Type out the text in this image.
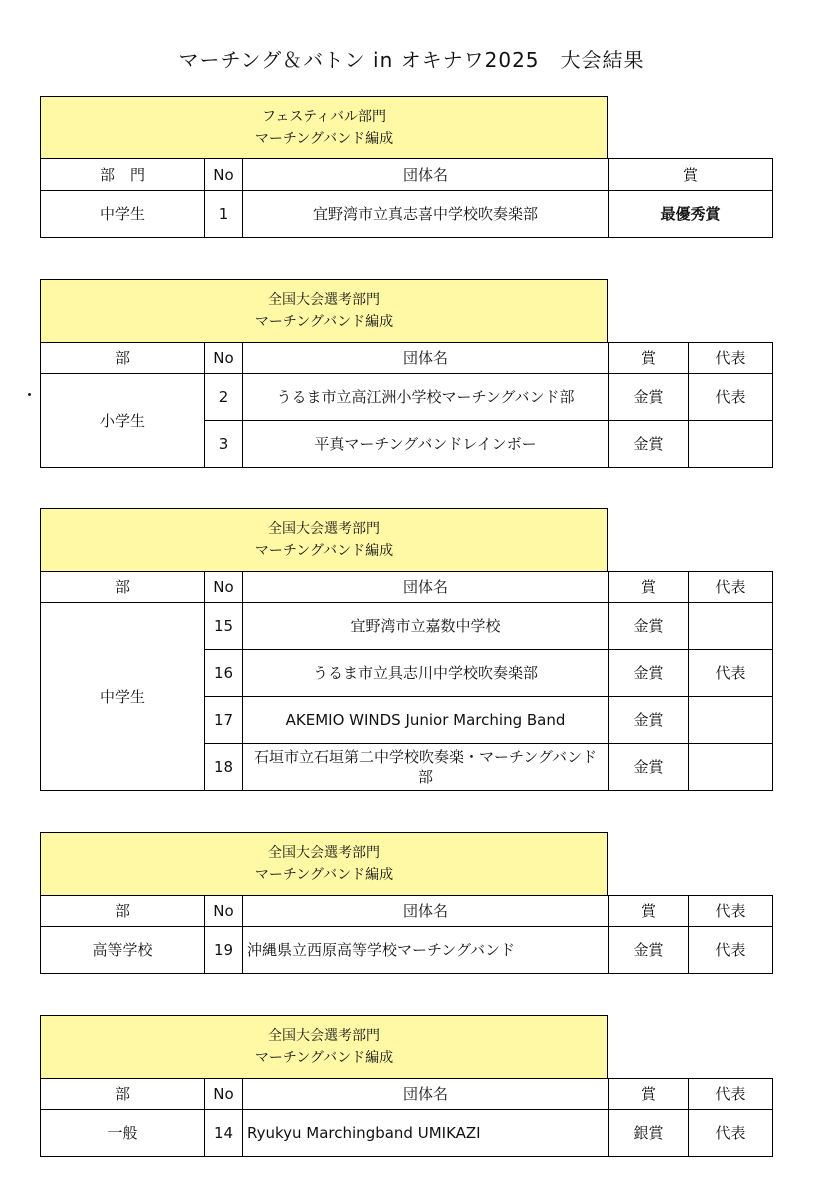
マーチング＆バトン in オキナワ2025　大会結果
フェスティバル部門
マーチングバンド編成
部　門	No	団体名	賞
中学生	1	宜野湾市立真志喜中学校吹奏楽部	最優秀賞
全国大会選考部門
マーチングバンド編成
部	No	団体名	賞	代表
小学生	2	うるま市立高江洲小学校マーチングバンド部	金賞	代表
	3	平真マーチングバンドレインボー	金賞	
全国大会選考部門
マーチングバンド編成
部	No	団体名	賞	代表
中学生	15	宜野湾市立嘉数中学校	金賞	
	16	うるま市立具志川中学校吹奏楽部	金賞	代表
	17	AKEMIO WINDS Junior Marching Band	金賞	
	18	石垣市立石垣第二中学校吹奏楽・マーチングバンド部	金賞	
全国大会選考部門
マーチングバンド編成
部	No	団体名	賞	代表
高等学校	19	沖縄県立西原高等学校マーチングバンド	金賞	代表
全国大会選考部門
マーチングバンド編成
部	No	団体名	賞	代表
一般	14	Ryukyu Marchingband UMIKAZI	銀賞	代表
